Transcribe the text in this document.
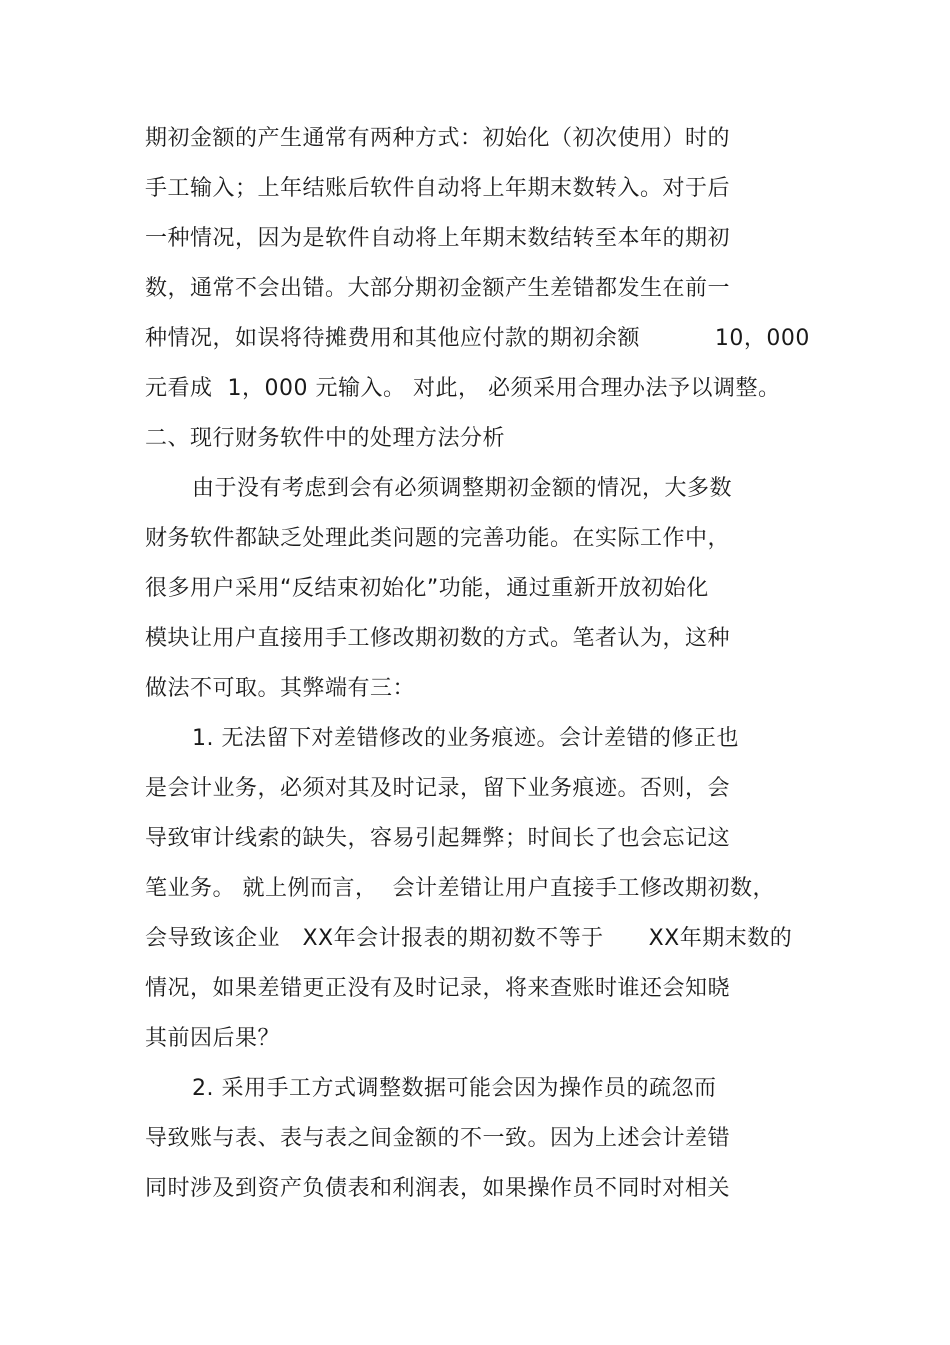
期初金额的产生通常有两种方式：初始化（初次使用）时的
手工输入；上年结账后软件自动将上年期末数转入。对于后
一种情况，因为是软件自动将上年期末数结转至本年的期初
数，通常不会出错。大部分期初金额产生差错都发生在前一
种情况，如误将待摊费用和其他应付款的期初余额          10，000
元看成  1，000 元输入。 对此， 必须采用合理办法予以调整。
二、现行财务软件中的处理方法分析
由于没有考虑到会有必须调整期初金额的情况，大多数
财务软件都缺乏处理此类问题的完善功能。在实际工作中，
很多用户采用“反结束初始化”功能，通过重新开放初始化
模块让用户直接用手工修改期初数的方式。笔者认为，这种
做法不可取。其弊端有三：
1. 无法留下对差错修改的业务痕迹。会计差错的修正也
是会计业务，必须对其及时记录，留下业务痕迹。否则，会
导致审计线索的缺失，容易引起舞弊；时间长了也会忘记这
笔业务。 就上例而言，  会计差错让用户直接手工修改期初数，
会导致该企业   XX年会计报表的期初数不等于      XX年期末数的
情况，如果差错更正没有及时记录，将来查账时谁还会知晓
其前因后果？
2. 采用手工方式调整数据可能会因为操作员的疏忽而
导致账与表、表与表之间金额的不一致。因为上述会计差错
同时涉及到资产负债表和利润表，如果操作员不同时对相关
